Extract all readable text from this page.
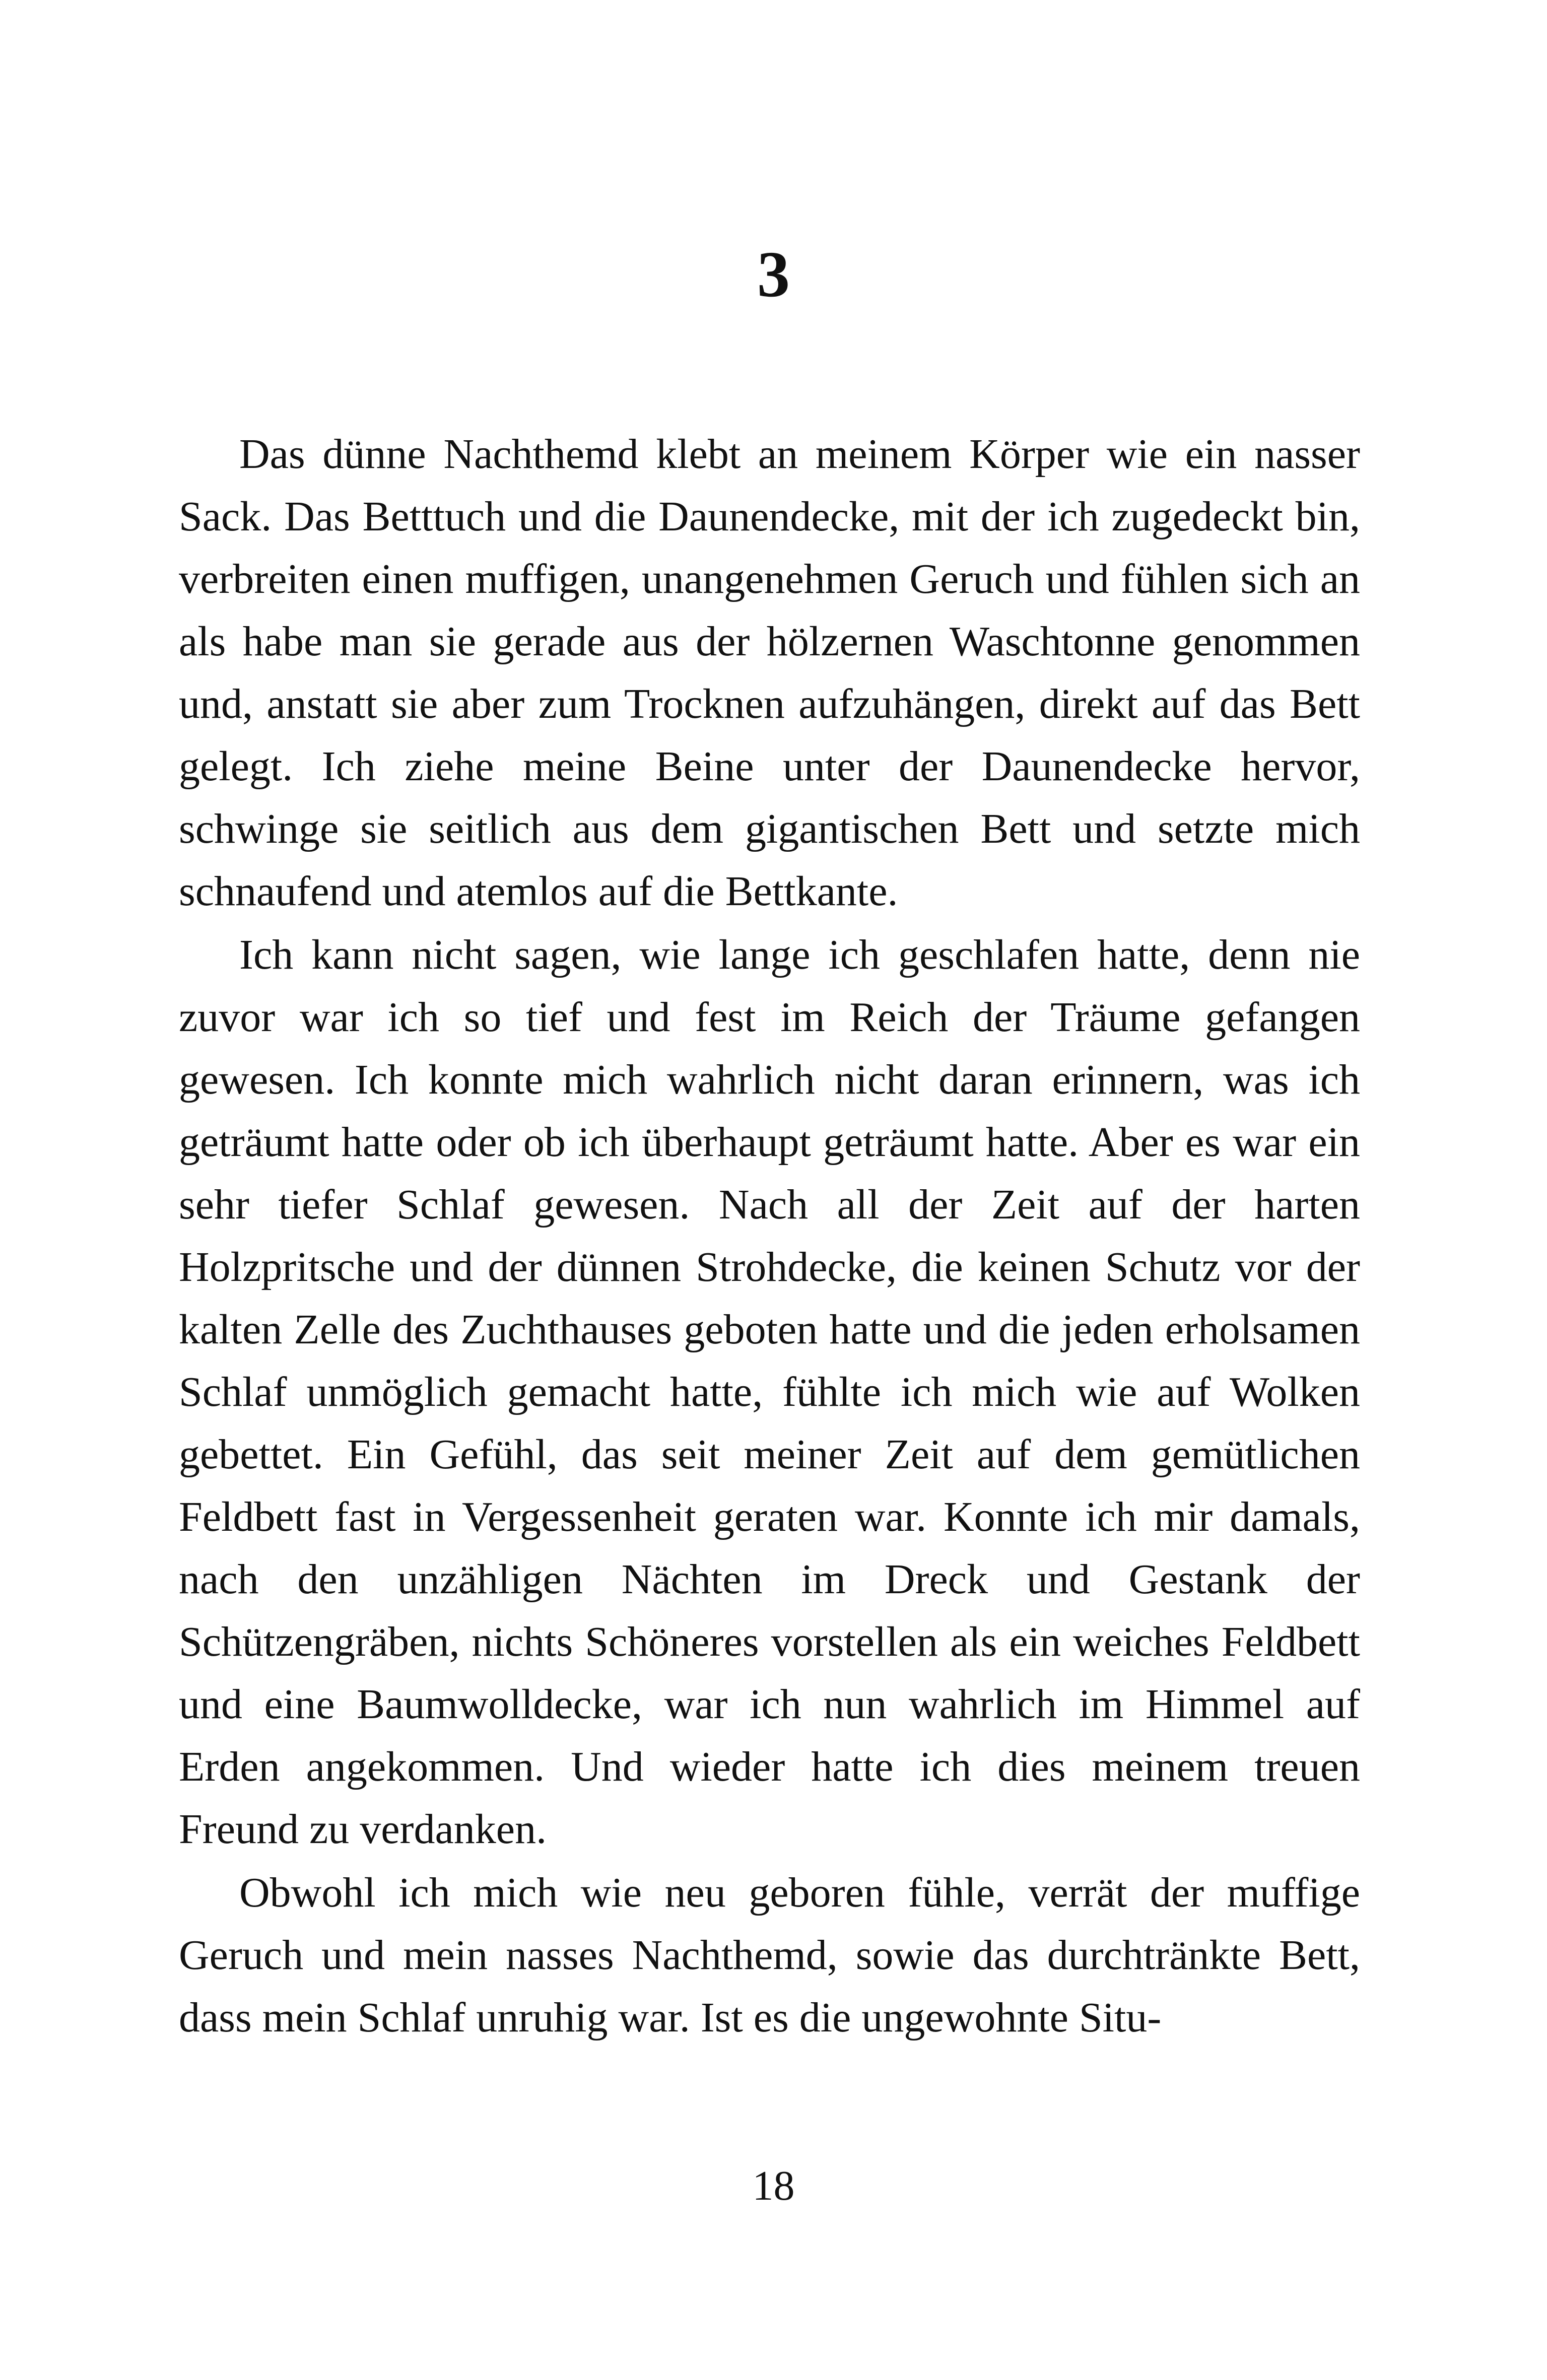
3

Das dünne Nachthemd klebt an meinem Körper wie ein nasser Sack. Das Betttuch und die Daunendecke, mit der ich zugedeckt bin, verbreiten einen muffigen, unangenehmen Geruch und fühlen sich an als habe man sie gerade aus der hölzernen Waschtonne genommen und, anstatt sie aber zum Trocknen aufzuhängen, direkt auf das Bett gelegt. Ich ziehe meine Beine unter der Daunendecke hervor, schwinge sie seitlich aus dem gigantischen Bett und setzte mich schnaufend und atemlos auf die Bettkante.

Ich kann nicht sagen, wie lange ich geschlafen hatte, denn nie zuvor war ich so tief und fest im Reich der Träume gefangen gewesen. Ich konnte mich wahrlich nicht daran erinnern, was ich geträumt hatte oder ob ich überhaupt geträumt hatte. Aber es war ein sehr tiefer Schlaf gewesen. Nach all der Zeit auf der harten Holzpritsche und der dünnen Strohdecke, die keinen Schutz vor der kalten Zelle des Zuchthauses geboten hatte und die jeden erholsamen Schlaf unmöglich gemacht hatte, fühlte ich mich wie auf Wolken gebettet. Ein Gefühl, das seit meiner Zeit auf dem gemütlichen Feldbett fast in Vergessenheit geraten war. Konnte ich mir damals, nach den unzähligen Nächten im Dreck und Gestank der Schützengräben, nichts Schöneres vorstellen als ein weiches Feldbett und eine Baumwolldecke, war ich nun wahrlich im Himmel auf Erden angekommen. Und wieder hatte ich dies meinem treuen Freund zu verdanken.

Obwohl ich mich wie neu geboren fühle, verrät der muffige Geruch und mein nasses Nachthemd, sowie das durchtränkte Bett, dass mein Schlaf unruhig war. Ist es die ungewohnte Situ-

18
